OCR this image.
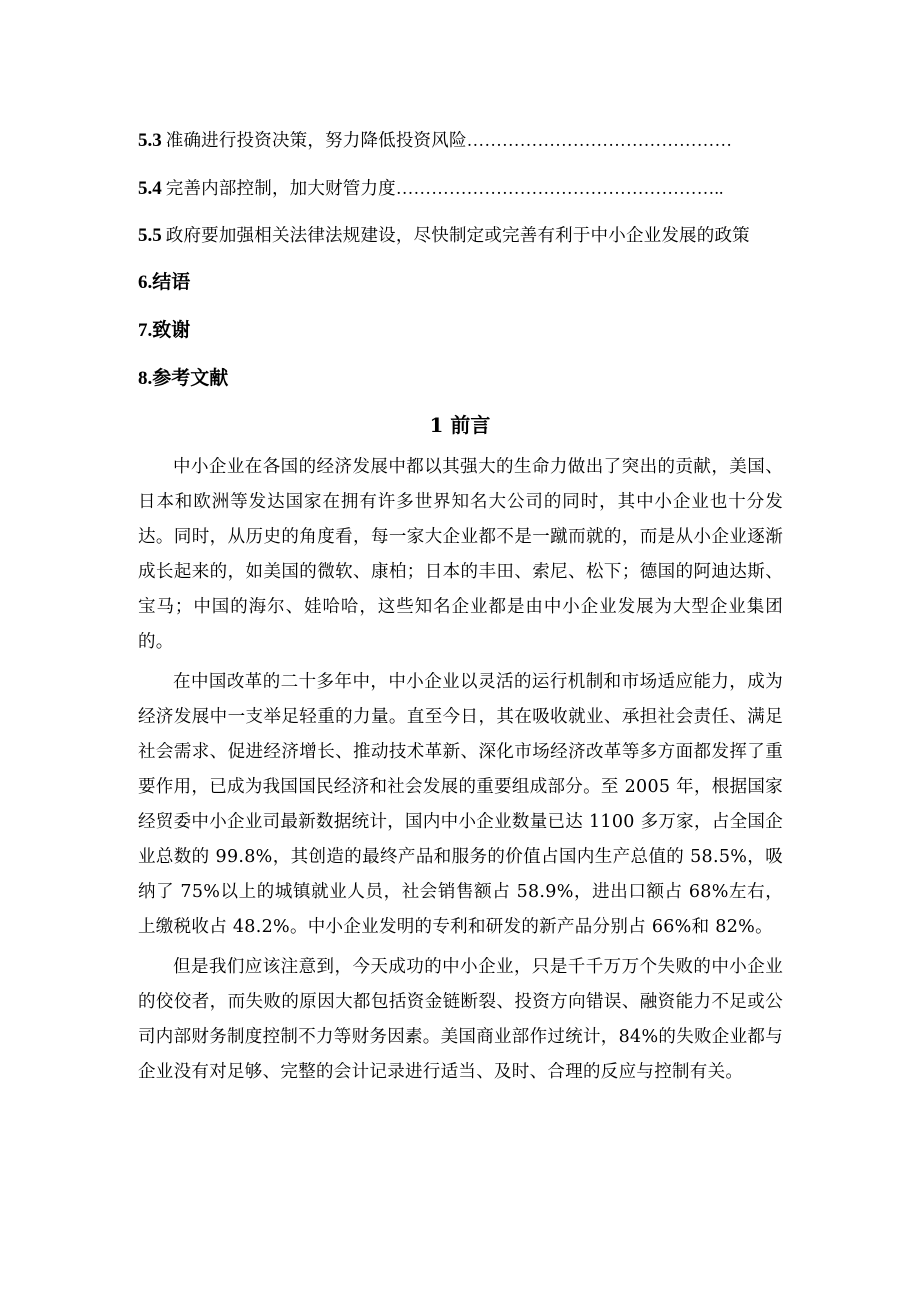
5.3 准确进行投资决策，努力降低投资风险………………………………………
5.4 完善内部控制，加大财管力度………………………………………………..
5.5 政府要加强相关法律法规建设，尽快制定或完善有利于中小企业发展的政策
6.结语
7.致谢
8.参考文献
1 前言

中小企业在各国的经济发展中都以其强大的生命力做出了突出的贡献，美国、日本和欧洲等发达国家在拥有许多世界知名大公司的同时，其中小企业也十分发达。同时，从历史的角度看，每一家大企业都不是一蹴而就的，而是从小企业逐渐成长起来的，如美国的微软、康柏；日本的丰田、索尼、松下；德国的阿迪达斯、宝马；中国的海尔、娃哈哈，这些知名企业都是由中小企业发展为大型企业集团的。

在中国改革的二十多年中，中小企业以灵活的运行机制和市场适应能力，成为经济发展中一支举足轻重的力量。直至今日，其在吸收就业、承担社会责任、满足社会需求、促进经济增长、推动技术革新、深化市场经济改革等多方面都发挥了重要作用，已成为我国国民经济和社会发展的重要组成部分。至 2005 年，根据国家经贸委中小企业司最新数据统计，国内中小企业数量已达 1100 多万家，占全国企业总数的 99.8%，其创造的最终产品和服务的价值占国内生产总值的 58.5%，吸纳了 75%以上的城镇就业人员，社会销售额占 58.9%，进出口额占 68%左右，上缴税收占 48.2%。中小企业发明的专利和研发的新产品分别占 66%和 82%。

但是我们应该注意到，今天成功的中小企业，只是千千万万个失败的中小企业的佼佼者，而失败的原因大都包括资金链断裂、投资方向错误、融资能力不足或公司内部财务制度控制不力等财务因素。美国商业部作过统计，84%的失败企业都与企业没有对足够、完整的会计记录进行适当、及时、合理的反应与控制有关。
